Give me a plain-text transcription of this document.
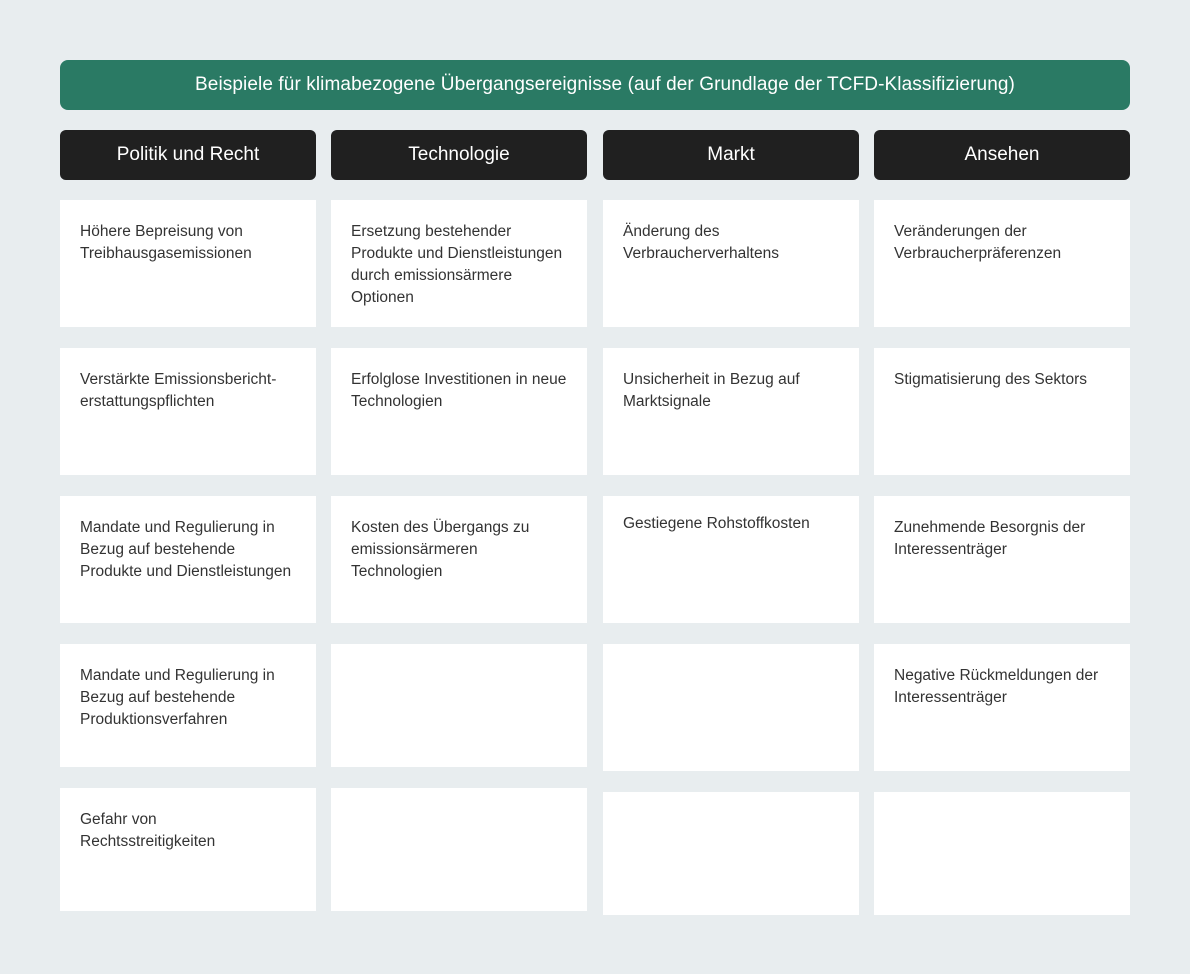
Beispiele für klimabezogene Übergangsereignisse (auf der Grundlage der TCFD-Klassifizierung)
Politik und Recht
Höhere Bepreisung von Treibhausgasemissionen
Verstärkte Emissionsbericht-erstattungspflichten
Mandate und Regulierung in Bezug auf bestehende Produkte und Dienstleistungen
Mandate und Regulierung in Bezug auf bestehende Produktionsverfahren
Gefahr von Rechtsstreitigkeiten
Technologie
Ersetzung bestehender Produkte und Dienstleistungen durch emissionsärmere Optionen
Erfolglose Investitionen in neue Technologien
Kosten des Übergangs zu emissionsärmeren Technologien
Markt
Änderung des Verbraucherverhaltens
Unsicherheit in Bezug auf Marktsignale
Gestiegene Rohstoffkosten
Ansehen
Veränderungen der Verbraucherpräferenzen
Stigmatisierung des Sektors
Zunehmende Besorgnis der Interessenträger
Negative Rückmeldungen der Interessenträger
